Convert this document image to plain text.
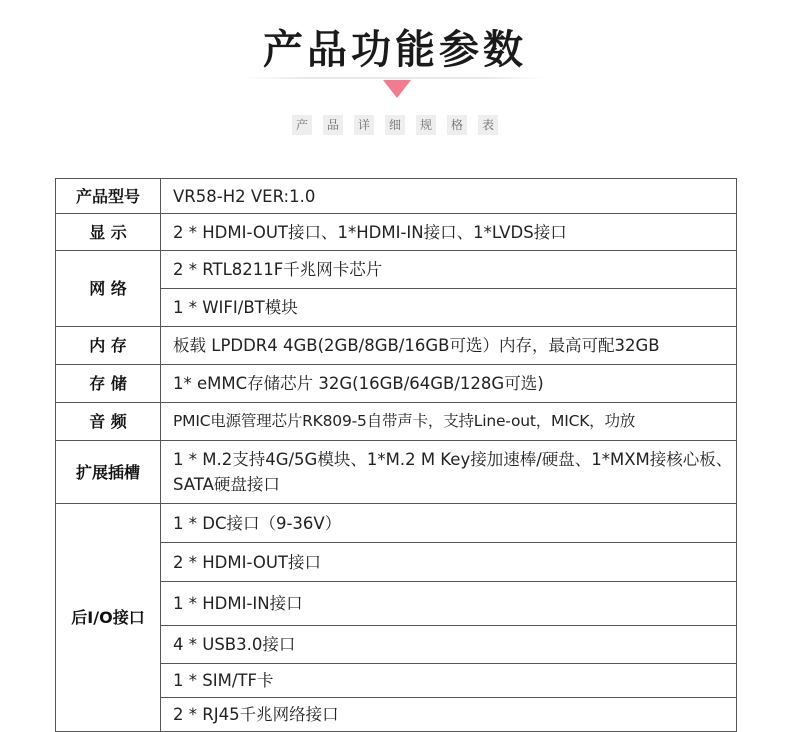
产品功能参数
产	品	详	细	规	格	表
产品型号	VR58-H2 VER:1.0
显 示	2 * HDMI-OUT接口、1*HDMI-IN接口、1*LVDS接口
网 络	2 * RTL8211F千兆网卡芯片
	1 * WIFI/BT模块
内 存	板载 LPDDR4 4GB(2GB/8GB/16GB可选）内存，最高可配32GB
存 储	1* eMMC存储芯片 32G(16GB/64GB/128G可选)
音 频	PMIC电源管理芯片RK809-5自带声卡，支持Line-out，MICK，功放
扩展插槽	1 * M.2支持4G/5G模块、1*M.2 M Key接加速棒/硬盘、1*MXM接核心板、SATA硬盘接口
后I/O接口	1 * DC接口（9-36V）
	2 * HDMI-OUT接口
	1 * HDMI-IN接口
	4 * USB3.0接口
	1 * SIM/TF卡
	2 * RJ45千兆网络接口
